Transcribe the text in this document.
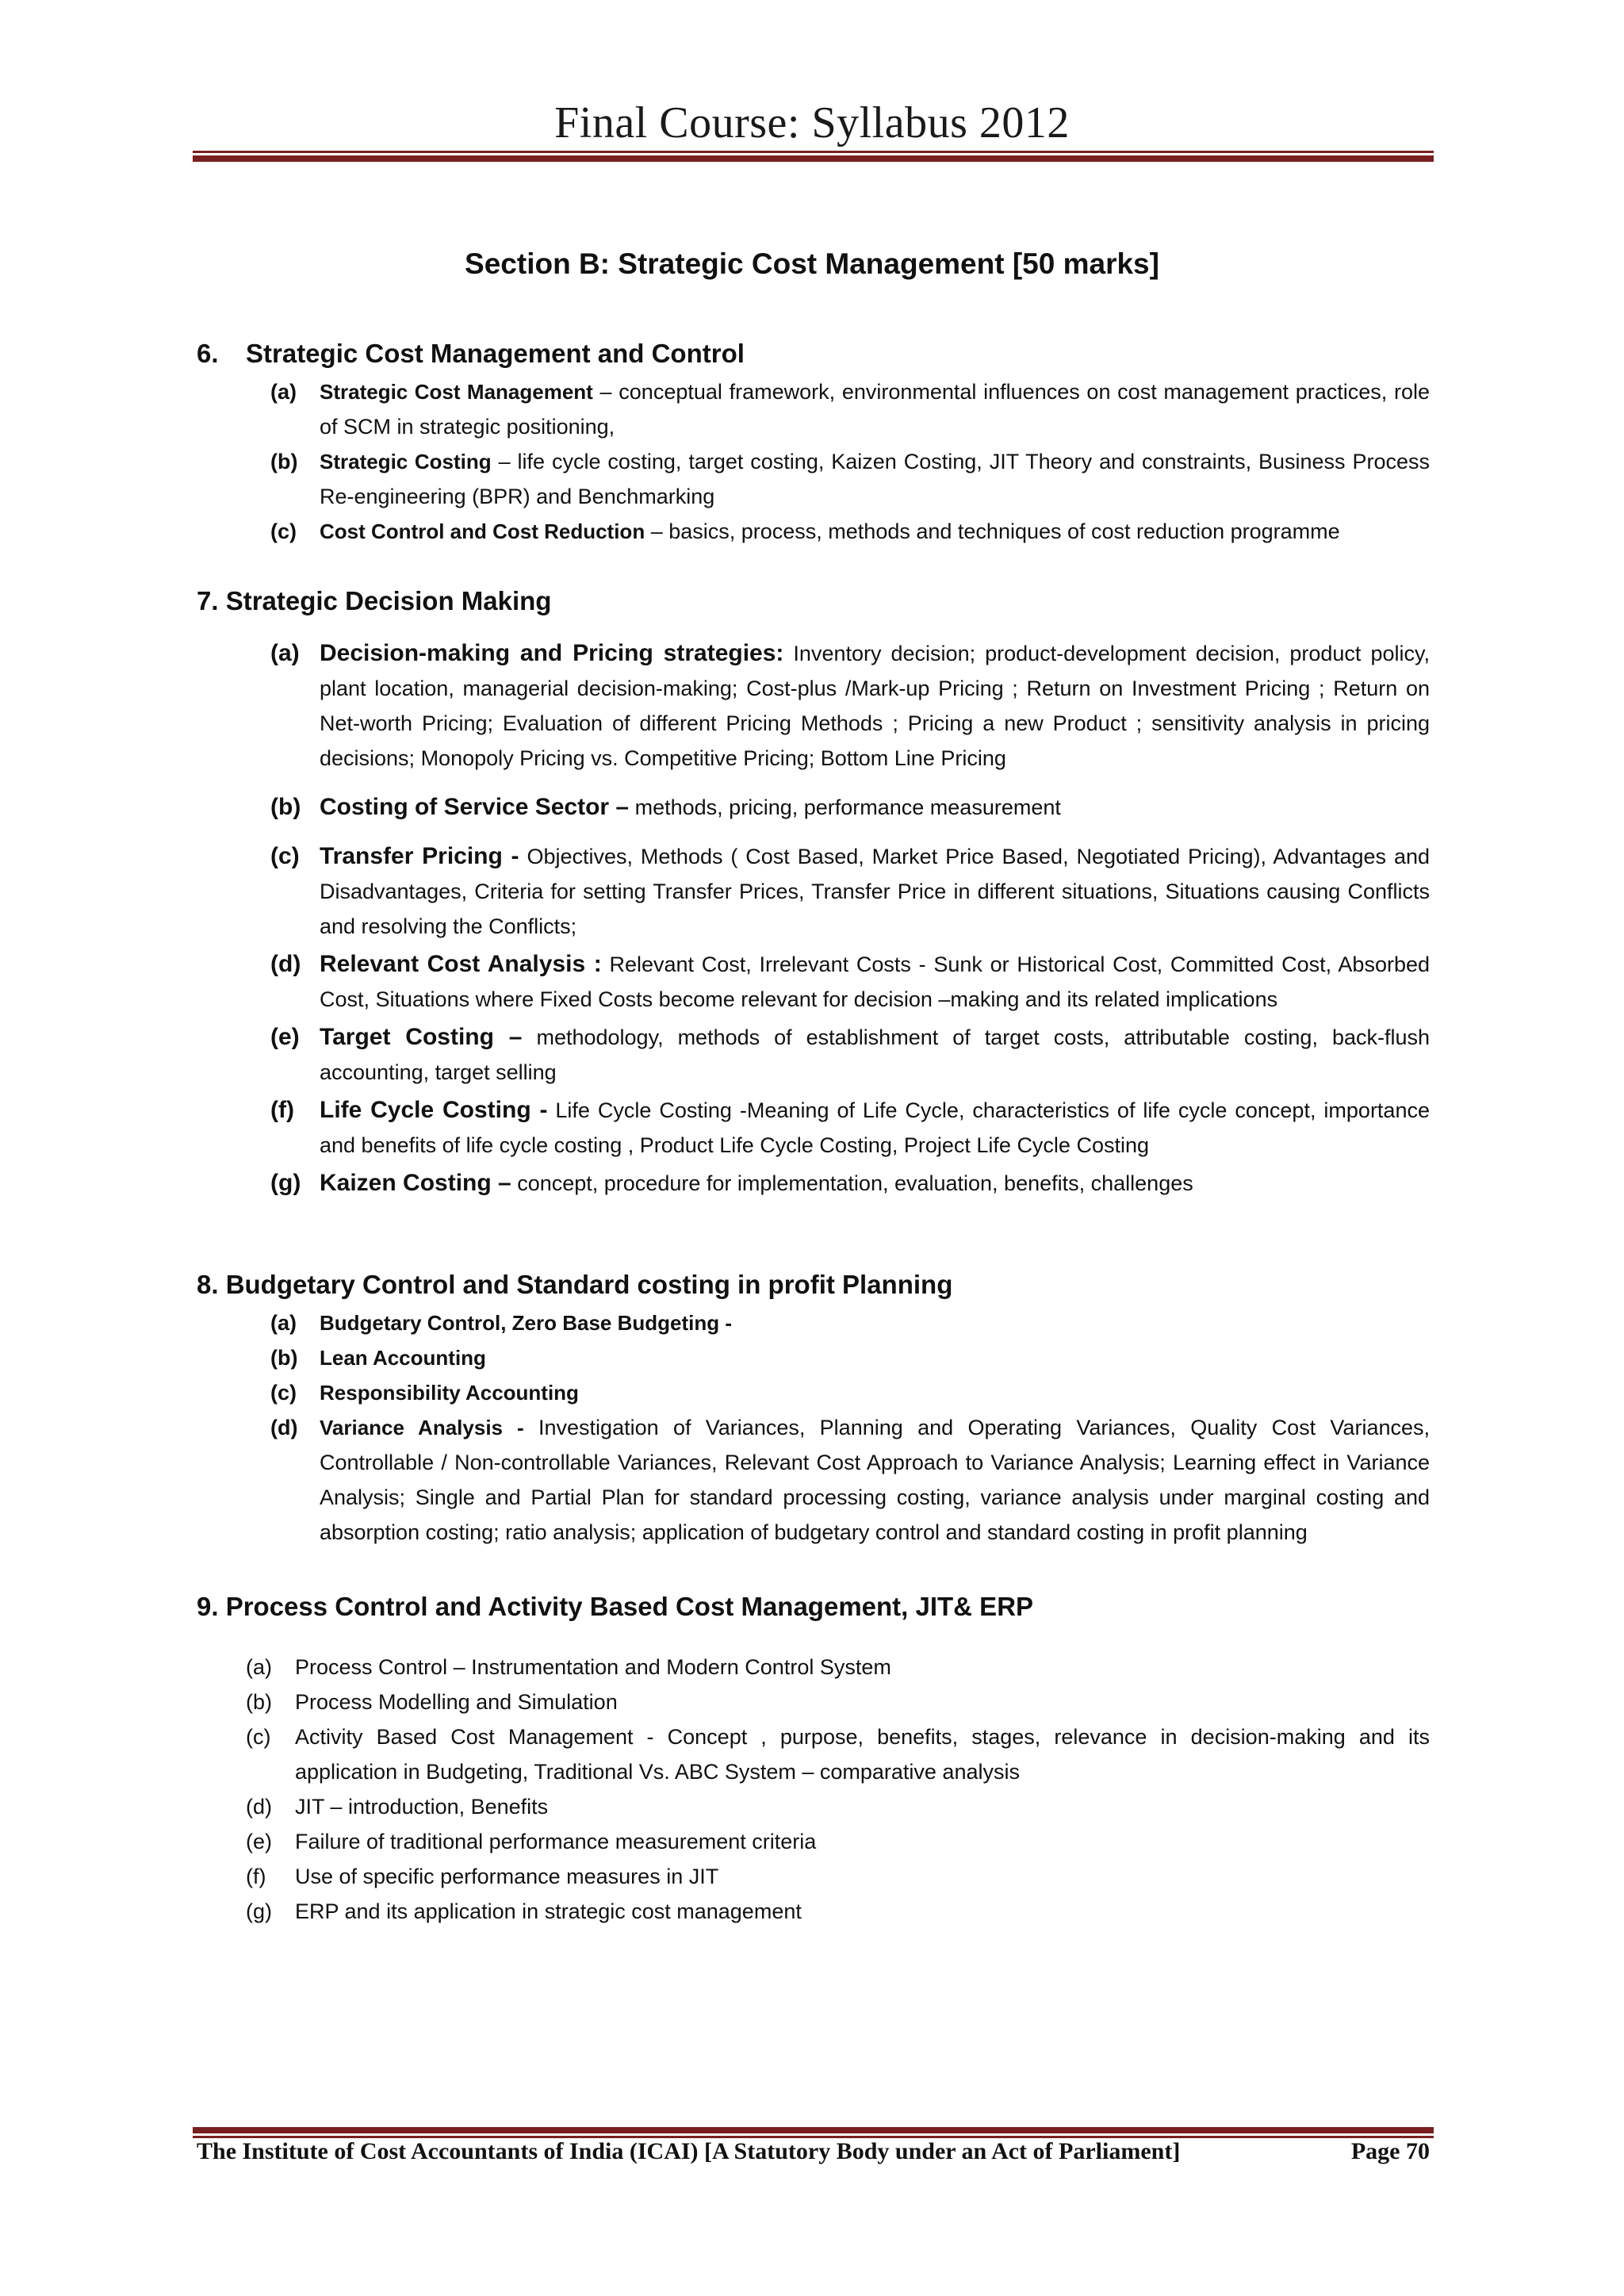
Final Course: Syllabus 2012
Section B: Strategic Cost Management [50 marks]
6. Strategic Cost Management and Control
(a) Strategic Cost Management – conceptual framework, environmental influences on cost management practices, role of SCM in strategic positioning,
(b) Strategic Costing – life cycle costing, target costing, Kaizen Costing, JIT Theory and constraints, Business Process Re-engineering (BPR) and Benchmarking
(c) Cost Control and Cost Reduction – basics, process, methods and techniques of cost reduction programme
7. Strategic Decision Making
(a) Decision-making and Pricing strategies: Inventory decision; product-development decision, product policy, plant location, managerial decision-making; Cost-plus /Mark-up Pricing ; Return on Investment Pricing ; Return on Net-worth Pricing; Evaluation of different Pricing Methods ; Pricing a new Product ; sensitivity analysis in pricing decisions; Monopoly Pricing vs. Competitive Pricing; Bottom Line Pricing
(b) Costing of Service Sector – methods, pricing, performance measurement
(c) Transfer Pricing - Objectives, Methods ( Cost Based, Market Price Based, Negotiated Pricing), Advantages and Disadvantages, Criteria for setting Transfer Prices, Transfer Price in different situations, Situations causing Conflicts and resolving the Conflicts;
(d) Relevant Cost Analysis : Relevant Cost, Irrelevant Costs - Sunk or Historical Cost, Committed Cost, Absorbed Cost, Situations where Fixed Costs become relevant for decision –making and its related implications
(e) Target Costing – methodology, methods of establishment of target costs, attributable costing, back-flush accounting, target selling
(f) Life Cycle Costing - Life Cycle Costing -Meaning of Life Cycle, characteristics of life cycle concept, importance and benefits of life cycle costing , Product Life Cycle Costing, Project Life Cycle Costing
(g) Kaizen Costing – concept, procedure for implementation, evaluation, benefits, challenges
8. Budgetary Control and Standard costing in profit Planning
(a) Budgetary Control, Zero Base Budgeting -
(b) Lean Accounting
(c) Responsibility Accounting
(d) Variance Analysis - Investigation of Variances, Planning and Operating Variances, Quality Cost Variances, Controllable / Non-controllable Variances, Relevant Cost Approach to Variance Analysis; Learning effect in Variance Analysis; Single and Partial Plan for standard processing costing, variance analysis under marginal costing and absorption costing; ratio analysis; application of budgetary control and standard costing in profit planning
9. Process Control and Activity Based Cost Management, JIT& ERP
(a) Process Control – Instrumentation and Modern Control System
(b) Process Modelling and Simulation
(c) Activity Based Cost Management - Concept , purpose, benefits, stages, relevance in decision-making and its application in Budgeting, Traditional Vs. ABC System – comparative analysis
(d) JIT – introduction, Benefits
(e) Failure of traditional performance measurement criteria
(f) Use of specific performance measures in JIT
(g) ERP and its application in strategic cost management
The Institute of Cost Accountants of India (ICAI) [A Statutory Body under an Act of Parliament]	Page 70
